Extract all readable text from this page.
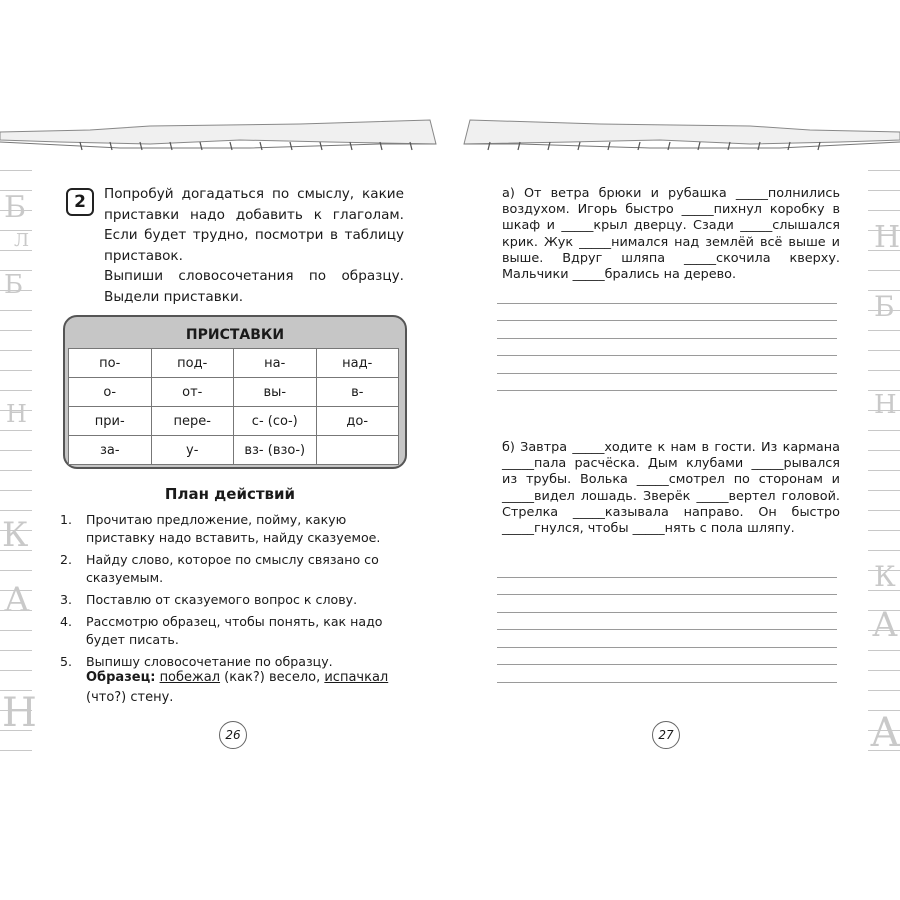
Б
Л
Б
Н
К
А
Н
Н
Б
Н
К
А
А
2	Попробуй догадаться по смыслу, какие приставки надо добавить к глаголам. Если будет трудно, посмотри в таблицу приставок.

Выпиши словосочетания по образцу. Выдели приставки.

ПРИСТАВКИ
по-	под-	на-	над-
о-	от-	вы-	в-
при-	пере-	с- (со-)	до-
за-	у-	вз- (взо-)	
План действий
1.	Прочитаю предложение, пойму, какую приставку надо вставить, найду сказуемое.
2.	Найду слово, которое по смыслу связано со сказуемым.
3.	Поставлю от сказуемого вопрос к слову.
4.	Рассмотрю образец, чтобы понять, как надо будет писать.
5.	Выпишу словосочетание по образцу.
Образец: побежал (как?) весело, испачкал (что?) стену.
26
а) От ветра брюки и рубашка _____полнились воздухом. Игорь быстро _____пихнул коробку в шкаф и _____крыл дверцу. Сзади _____слышался крик. Жук _____нимался над землёй всё выше и выше. Вдруг шляпа _____скочила кверху. Мальчики _____брались на дерево.
б) Завтра _____ходите к нам в гости. Из кармана _____пала расчёска. Дым клубами _____рывался из трубы. Волька _____смотрел по сторонам и _____видел лошадь. Зверёк _____вертел головой. Стрелка _____казывала направо. Он быстро _____гнулся, чтобы _____нять с пола шляпу.
27
